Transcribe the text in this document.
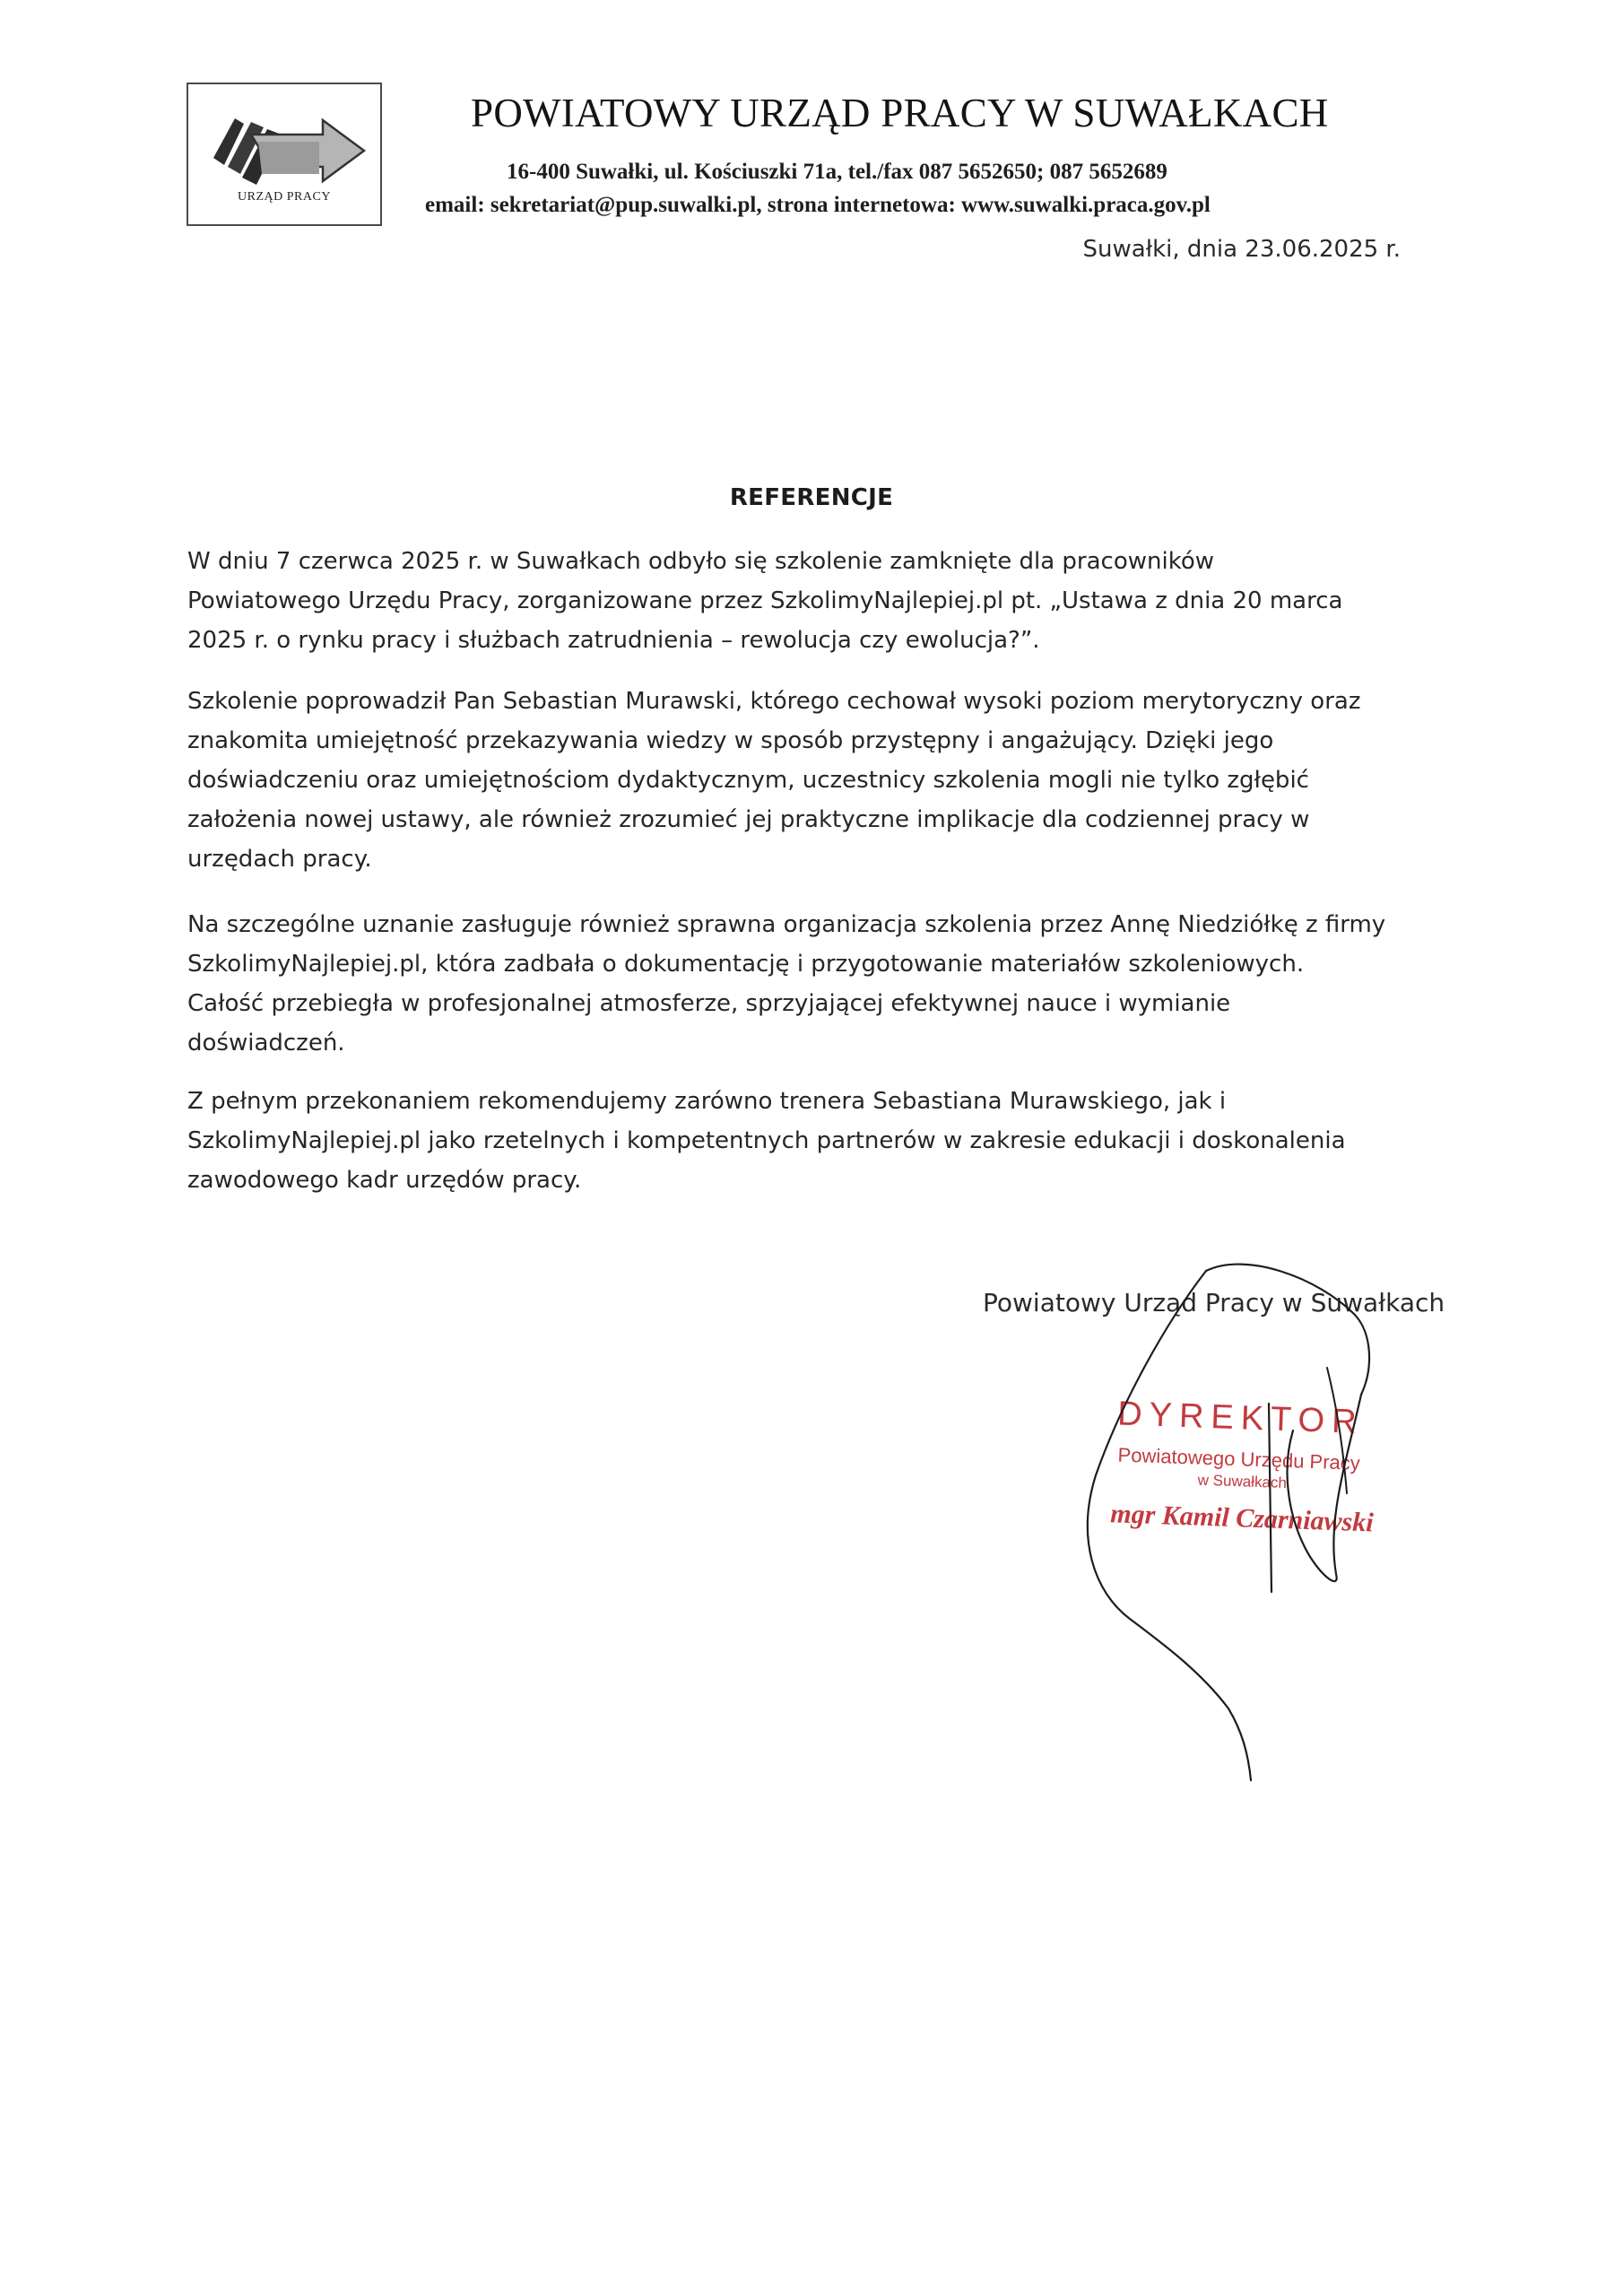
URZĄD PRACY
POWIATOWY URZĄD PRACY W SUWAŁKACH
16-400 Suwałki, ul. Kościuszki 71a, tel./fax 087 5652650; 087 5652689
email: sekretariat@pup.suwalki.pl, strona internetowa: www.suwalki.praca.gov.pl
Suwałki, dnia 23.06.2025 r.
REFERENCJE
W dniu 7 czerwca 2025 r. w Suwałkach odbyło się szkolenie zamknięte dla pracowników
Powiatowego Urzędu Pracy, zorganizowane przez SzkolimyNajlepiej.pl pt. „Ustawa z dnia 20 marca
2025 r. o rynku pracy i służbach zatrudnienia – rewolucja czy ewolucja?”.
Szkolenie poprowadził Pan Sebastian Murawski, którego cechował wysoki poziom merytoryczny oraz
znakomita umiejętność przekazywania wiedzy w sposób przystępny i angażujący. Dzięki jego
doświadczeniu oraz umiejętnościom dydaktycznym, uczestnicy szkolenia mogli nie tylko zgłębić
założenia nowej ustawy, ale również zrozumieć jej praktyczne implikacje dla codziennej pracy w
urzędach pracy.
Na szczególne uznanie zasługuje również sprawna organizacja szkolenia przez Annę Niedziółkę z firmy
SzkolimyNajlepiej.pl, która zadbała o dokumentację i przygotowanie materiałów szkoleniowych.
Całość przebiegła w profesjonalnej atmosferze, sprzyjającej efektywnej nauce i wymianie
doświadczeń.
Z pełnym przekonaniem rekomendujemy zarówno trenera Sebastiana Murawskiego, jak i
SzkolimyNajlepiej.pl jako rzetelnych i kompetentnych partnerów w zakresie edukacji i doskonalenia
zawodowego kadr urzędów pracy.
Powiatowy Urząd Pracy w Suwałkach
DYREKTOR
Powiatowego Urzędu Pracy
w Suwałkach
mgr Kamil Czarniawski
